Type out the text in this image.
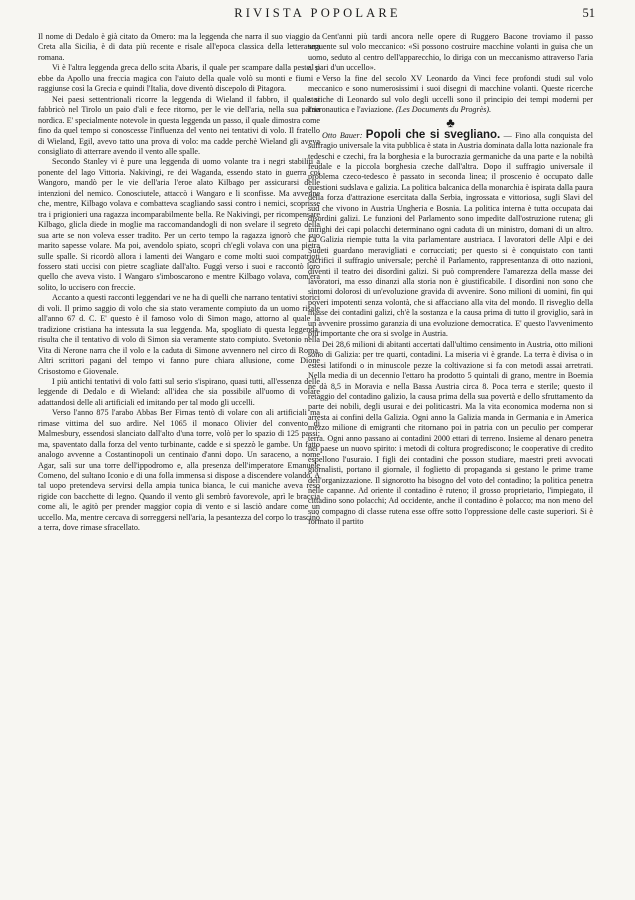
RIVISTA POPOLARE	51

Il nome di Dedalo è già citato da Omero: ma la leggenda che narra il suo viaggio da Creta alla Sicilia, è di data più recente e risale all'epoca classica della letteratura romana.

Vi è l'altra leggenda greca dello scita Abaris, il quale per scampare dalla peste, si ebbe da Apollo una freccia magica con l'aiuto della quale volò su monti e fiumi e raggiunse così la Grecia e quindi l'Italia, dove diventò discepolo di Pitagora.

Nei paesi settentrionali ricorre la leggenda di Wieland il fabbro, il quale si fabbricò nel Tirolo un paio d'ali e fece ritorno, per le vie dell'aria, nella sua patria nordica. E' specialmente notevole in questa leggenda un passo, il quale dimostra come fino da quel tempo si conoscesse l'influenza del vento nei tentativi di volo. Il fratello di Wieland, Egil, avevo tatto una prova di volo: ma cadde perchè Wieland gli aveva consigliato di atterrare avendo il vento alle spalle.

Secondo Stanley vi è pure una leggenda di uomo volante tra i negri stabiliti a ponente del lago Vittoria. Nakivingi, re dei Waganda, essendo stato in guerra coi Wangoro, mandò per le vie dell'aria l'eroe alato Kilbago per assicurarsi delle intenzioni del nemico. Conosciutele, attaccò i Wangaro e li sconfisse. Ma avvenne che, mentre, Kilbago volava e combatteva scagliando sassi contro i nemici, scoprisse tra i prigionieri una ragazza incomparabilmente bella. Re Nakivingi, per ricompensare Kilbago, glicla diede in moglie ma raccomandandogli di non svelare il segreto della sua arte se non voleva esser tradito. Per un certo tempo la ragazza ignorò che suo marito sapesse volare. Ma poi, avendolo spiato, scoprì ch'egli volava con una pietra sulle spalle. Si ricordò allora i lamenti dei Wangaro e come molti suoi compatrioti fossero stati uccisi con pietre scagliate dall'alto. Fuggì verso i suoi e raccontò loro quello che aveva visto. I Wangaro s'imboscarono e mentre Kilbago volava, com'era solito, lo uccisero con freccie.

Accanto a questi racconti leggendari ve ne ha di quelli che narrano tentativi storici di voli. Il primo saggio di volo che sia stato veramente compiuto da un uomo risale all'anno 67 d. C. E' questo è il famoso volo di Simon mago, attorno al quale la tradizione cristiana ha intessuta la sua leggenda. Ma, spogliato di questa leggenda, risulta che il tentativo di volo di Simon sia veramente stato compiuto. Svetonio nella Vita di Nerone narra che il volo e la caduta di Simone avvennero nel circo di Roma. Altri scrittori pagani del tempo vi fanno pure chiara allusione, come Dione Crisostomo e Giovenale.

I più antichi tentativi di volo fatti sul serio s'ispirano, quasi tutti, all'essenza delle leggende di Dedalo e di Wieland: all'idea che sia possibile all'uomo di volare adattandosi delle ali artificiali ed imitando per tal modo gli uccelli.

Verso l'anno 875 l'arabo Abbas Ber Firnas tentò di volare con ali artificiali ma rimase vittima del suo ardire. Nel 1065 il monaco Olivier del convento di Malmesbury, essendosi slanciato dall'alto d'una torre, volò per lo spazio di 125 passi; ma, spaventato dalla forza del vento turbinante, cadde e si spezzò le gambe. Un fatto analogo avvenne a Costantinopoli un centinaio d'anni dopo. Un saraceno, a nome Agar, salì sur una torre dell'ippodromo e, alla presenza dell'imperatore Emanuele Comeno, del sultano Iconio e di una folla immensa si dispose a discendere volando. A tal uopo pretendeva servirsi della ampia tunica bianca, le cui maniche aveva reso rigide con bacchette di legno. Quando il vento gli sembrò favorevole, aprì le braccia come ali, le agitò per prender maggior copia di vento e si lasciò andare come un uccello. Ma, mentre cercava di sorreggersi nell'aria, la pesantezza del corpo lo trascinò a terra, dove rimase sfracellato.

Cent'anni più tardi ancora nelle opere di Ruggero Bacone troviamo il passo seguente sul volo meccanico: «Si possono costruire macchine volanti in guisa che un uomo, seduto al centro dell'apparecchio, lo diriga con un meccanismo attraverso l'aria al pari d'un uccello».

Verso la fine del secolo XV Leonardo da Vinci fece profondi studi sul volo meccanico e sono numerosissimi i suoi disegni di macchine volanti. Queste ricerche storiche di Leonardo sul volo degli uccelli sono il principio dei tempi moderni per l'aeronautica e l'aviazione. (Les Documents du Progrès).

♣

Otto Bauer: Popoli che si svegliano. — Fino alla conquista del suffragio universale la vita pubblica è stata in Austria dominata dalla lotta nazionale fra tedeschi e czechi, fra la borghesia e la burocrazia germaniche da una parte e la nobiltà feudale e la piccola borghesia czeche dall'altra. Dopo il suffragio universale il problema czeco-tedesco è passato in seconda linea; il proscenio è occupato dalle questioni sudslava e galizia. La politica balcanica della monarchia è ispirata dalla paura della forza d'attrazione esercitata dalla Serbia, ingrossata e vittoriosa, sugli Slavi del sud che vivono in Austria Ungheria e Bosnia. La politica interna è tutta occupata dai disordini galizi. Le funzioni del Parlamento sono impedite dall'ostruzione rutena; gli intrighi dei capi polacchi determinano ogni caduta di un ministro, domani di un altro. La Galizia riempie tutta la vita parlamentare austriaca. I lavoratori delle Alpi e dei Sudeti guardano meravigliati e corrucciati; per questo si è conquistato con tanti sacrifici il suffragio universale; perchè il Parlamento, rappresentanza di otto nazioni, diventi il teatro dei disordini galizi. Si può comprendere l'amarezza della masse dei lavoratori, ma esso dinanzi alla storia non è giustificabile. I disordini non sono che sintomi dolorosi di un'evoluzione gravida di avvenire. Sono milioni di uomini, fin qui poveri impotenti senza volontà, che si affacciano alla vita del mondo. Il risveglio della masse dei contadini galizi, ch'è la sostanza e la causa prima di tutto il groviglio, sarà in un avvenire prossimo garanzia di una evoluzione democratica. E' questo l'avvenimento più importante che ora si svolge in Austria.

Dei 28,6 milioni di abitanti accertati dall'ultimo censimento in Austria, otto milioni sono di Galizia: per tre quarti, contadini. La miseria vi è grande. La terra è divisa o in estesi latifondi o in minuscole pezze la coltivazione si fa con metodi assai arretrati. Nella media di un decennio l'ettaro ha prodotto 5 quintali di grano, mentre in Boemia ne dà 8,5 in Moravia e nella Bassa Austria circa 8. Poca terra e sterile; questo il retaggio del contadino galizio, la causa prima della sua povertà e dello sfruttamento da parte dei nobili, degli usurai e dei politicastri. Ma la vita economica moderna non si arresta ai confini della Galizia. Ogni anno la Galizia manda in Germania e in America mezzo milione di emigranti che ritornano poi in patria con un peculio per comperar terra. Ogni anno passano ai contadini 2000 ettari di terreno. Insieme al denaro penetra nel paese un nuovo spirito: i metodi di coltura progrediscono; le cooperative di credito espellono l'usuraio. I figli dei contadini che posson studiare, maestri preti avvocati giornalisti, portano il giornale, il foglietto di propaganda si gestano le prime trame dell'organizzazione. Il signorotto ha bisogno del voto del contadino; la politica penetra nelle capanne. Ad oriente il contadino è ruteno; il grosso proprietario, l'impiegato, il cittadino sono polacchi; Ad occidente, anche il contadino è polacco; ma non meno del suo compagno di classe rutena esse offre sotto l'oppressione delle caste superiori. Si è formato il partito
